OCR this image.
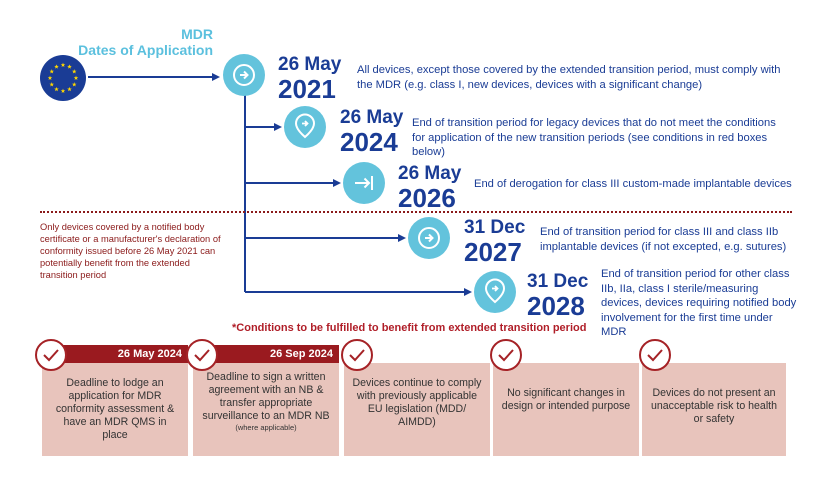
MDR
Dates of Application
26 May
2021
All devices, except those covered by the extended transition period, must comply with the MDR (e.g. class I, new devices, devices with a significant change)
26 May
2024
End of transition period for legacy devices that do not meet the conditions for application of the new transition periods (see conditions in red boxes below)
26 May
2026	End of derogation for class III custom-made implantable devices
31 Dec
2027
End of transition period for class III and class IIb implantable devices (if not excepted, e.g. sutures)
31 Dec
2028
End of transition period for other class IIb, IIa, class I sterile/measuring devices, devices requiring notified body involvement for the first time under MDR
Only devices covered by a notified body certificate or a manufacturer's declaration of conformity issued before 26 May 2021 can potentially benefit from the extended transition period
*Conditions to be fulfilled to benefit from extended transition period
Deadline to lodge an application for MDR conformity assessment & have an MDR QMS in place
26 May 2024
Deadline to sign a written agreement with an NB & transfer appropriate surveillance to an MDR NB
(where applicable)
26 Sep 2024
Devices continue to comply with previously applicable EU legislation (MDD/ AIMDD)
No significant changes in design or intended purpose
Devices do not present an unacceptable risk to health or safety
